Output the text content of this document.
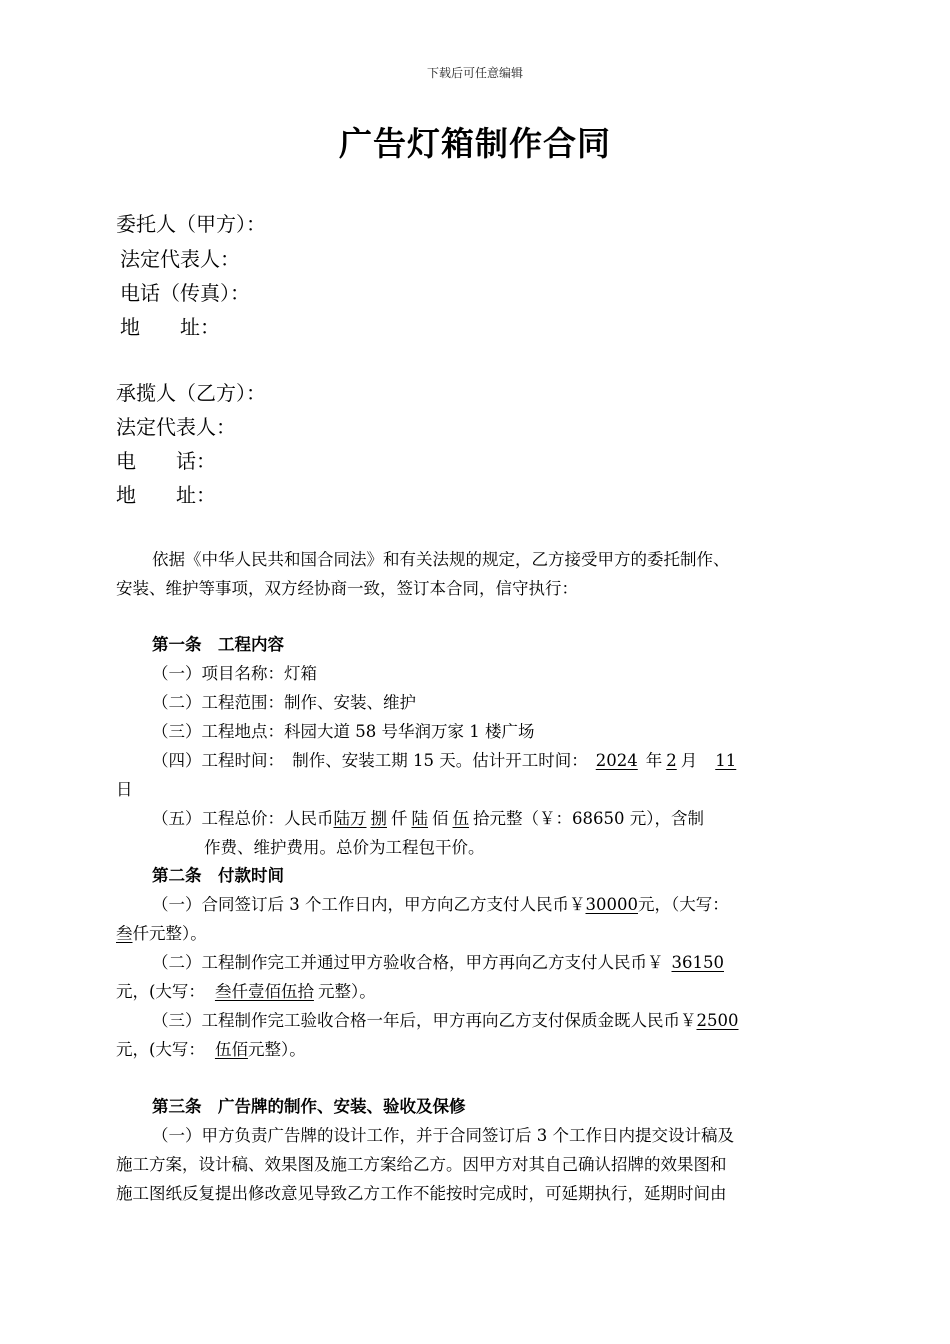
下载后可任意编辑
广告灯箱制作合同
委托人（甲方）：
法定代表人：
电话（传真）：
地　　址：
承揽人（乙方）：
法定代表人：
电　　话：
地　　址：
依据《中华人民共和国合同法》和有关法规的规定，乙方接受甲方的委托制作、
安装、维护等事项，双方经协商一致，签订本合同，信守执行：
第一条　工程内容
（一）项目名称：灯箱
（二）工程范围：制作、安装、维护
（三）工程地点：科园大道 58 号华润万家 1 楼广场
（四）工程时间：　制作、安装工期 15 天。估计开工时间： 2024 年 2 月 11
日
（五）工程总价：人民币陆万 捌 仟 陆 佰 伍 拾元整（￥：68650 元），含制
作费、维护费用。总价为工程包干价。
第二条　付款时间
（一）合同签订后 3 个工作日内，甲方向乙方支付人民币￥30000元，（大写：
叁仟元整）。
（二）工程制作完工并通过甲方验收合格，甲方再向乙方支付人民币￥ 36150
元，(大写： 叁仟壹佰伍拾 元整）。
（三）工程制作完工验收合格一年后，甲方再向乙方支付保质金既人民币￥2500
元，(大写： 伍佰元整）。
第三条　广告牌的制作、安装、验收及保修
（一）甲方负责广告牌的设计工作，并于合同签订后 3 个工作日内提交设计稿及
施工方案，设计稿、效果图及施工方案给乙方。因甲方对其自己确认招牌的效果图和
施工图纸反复提出修改意见导致乙方工作不能按时完成时，可延期执行，延期时间由
